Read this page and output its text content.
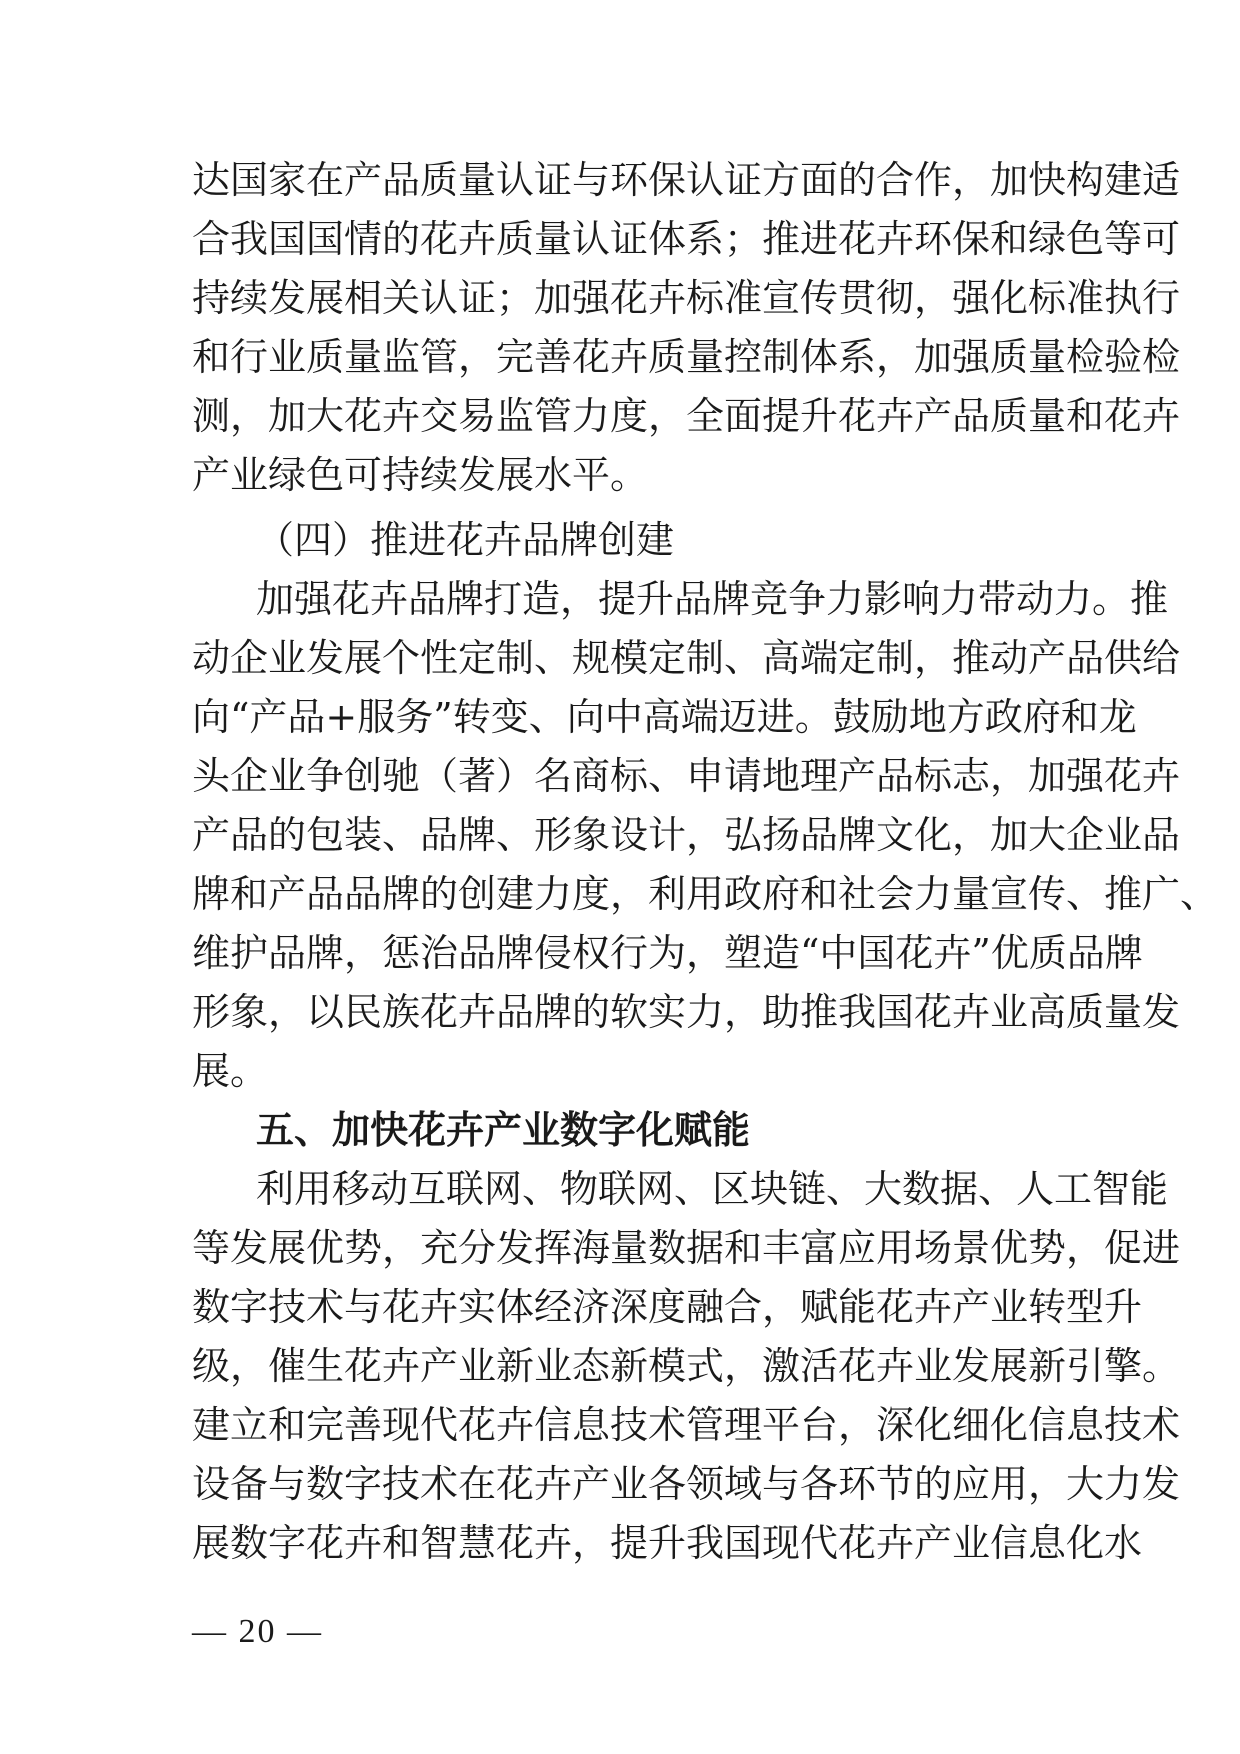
达国家在产品质量认证与环保认证方面的合作，加快构建适
合我国国情的花卉质量认证体系；推进花卉环保和绿色等可
持续发展相关认证；加强花卉标准宣传贯彻，强化标准执行
和行业质量监管，完善花卉质量控制体系，加强质量检验检
测，加大花卉交易监管力度，全面提升花卉产品质量和花卉
产业绿色可持续发展水平。
（四）推进花卉品牌创建
加强花卉品牌打造，提升品牌竞争力影响力带动力。推
动企业发展个性定制、规模定制、高端定制，推动产品供给
向“产品+服务”转变、向中高端迈进。鼓励地方政府和龙
头企业争创驰（著）名商标、申请地理产品标志，加强花卉
产品的包装、品牌、形象设计，弘扬品牌文化，加大企业品
牌和产品品牌的创建力度，利用政府和社会力量宣传、推广、
维护品牌，惩治品牌侵权行为，塑造“中国花卉”优质品牌
形象，以民族花卉品牌的软实力，助推我国花卉业高质量发
展。
五、加快花卉产业数字化赋能
利用移动互联网、物联网、区块链、大数据、人工智能
等发展优势，充分发挥海量数据和丰富应用场景优势，促进
数字技术与花卉实体经济深度融合，赋能花卉产业转型升
级，催生花卉产业新业态新模式，激活花卉业发展新引擎。
建立和完善现代花卉信息技术管理平台，深化细化信息技术
设备与数字技术在花卉产业各领域与各环节的应用，大力发
展数字花卉和智慧花卉，提升我国现代花卉产业信息化水
— 20 —
